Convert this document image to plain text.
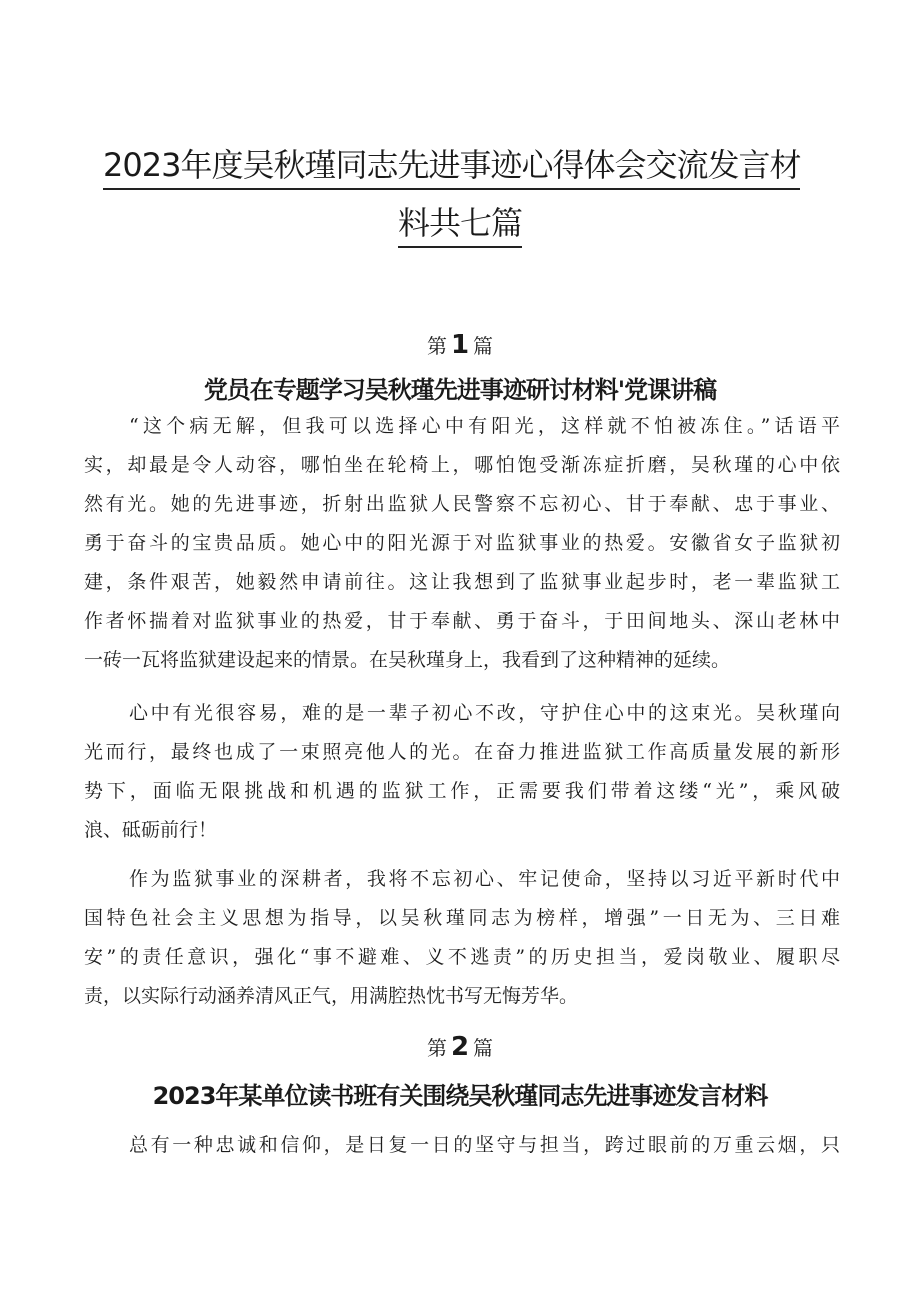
2023年度吴秋瑾同志先进事迹心得体会交流发言材
料共七篇
第 1 篇
党员在专题学习吴秋瑾先进事迹研讨材料'党课讲稿

“这个病无解，但我可以选择心中有阳光，这样就不怕被冻住。”话语平

实，却最是令人动容，哪怕坐在轮椅上，哪怕饱受渐冻症折磨，吴秋瑾的心中依

然有光。她的先进事迹，折射出监狱人民警察不忘初心、甘于奉献、忠于事业、

勇于奋斗的宝贵品质。她心中的阳光源于对监狱事业的热爱。安徽省女子监狱初

建，条件艰苦，她毅然申请前往。这让我想到了监狱事业起步时，老一辈监狱工

作者怀揣着对监狱事业的热爱，甘于奉献、勇于奋斗，于田间地头、深山老林中

一砖一瓦将监狱建设起来的情景。在吴秋瑾身上，我看到了这种精神的延续。

心中有光很容易，难的是一辈子初心不改，守护住心中的这束光。吴秋瑾向

光而行，最终也成了一束照亮他人的光。在奋力推进监狱工作高质量发展的新形

势下，面临无限挑战和机遇的监狱工作，正需要我们带着这缕“光”，乘风破

浪、砥砺前行！

作为监狱事业的深耕者，我将不忘初心、牢记使命，坚持以习近平新时代中

国特色社会主义思想为指导，以吴秋瑾同志为榜样，增强”一日无为、三日难

安”的责任意识，强化“事不避难、义不逃责”的历史担当，爱岗敬业、履职尽

责，以实际行动涵养清风正气，用满腔热忱书写无悔芳华。

第 2 篇
2023年某单位读书班有关围绕吴秋瑾同志先进事迹发言材料

总有一种忠诚和信仰，是日复一日的坚守与担当，跨过眼前的万重云烟，只
